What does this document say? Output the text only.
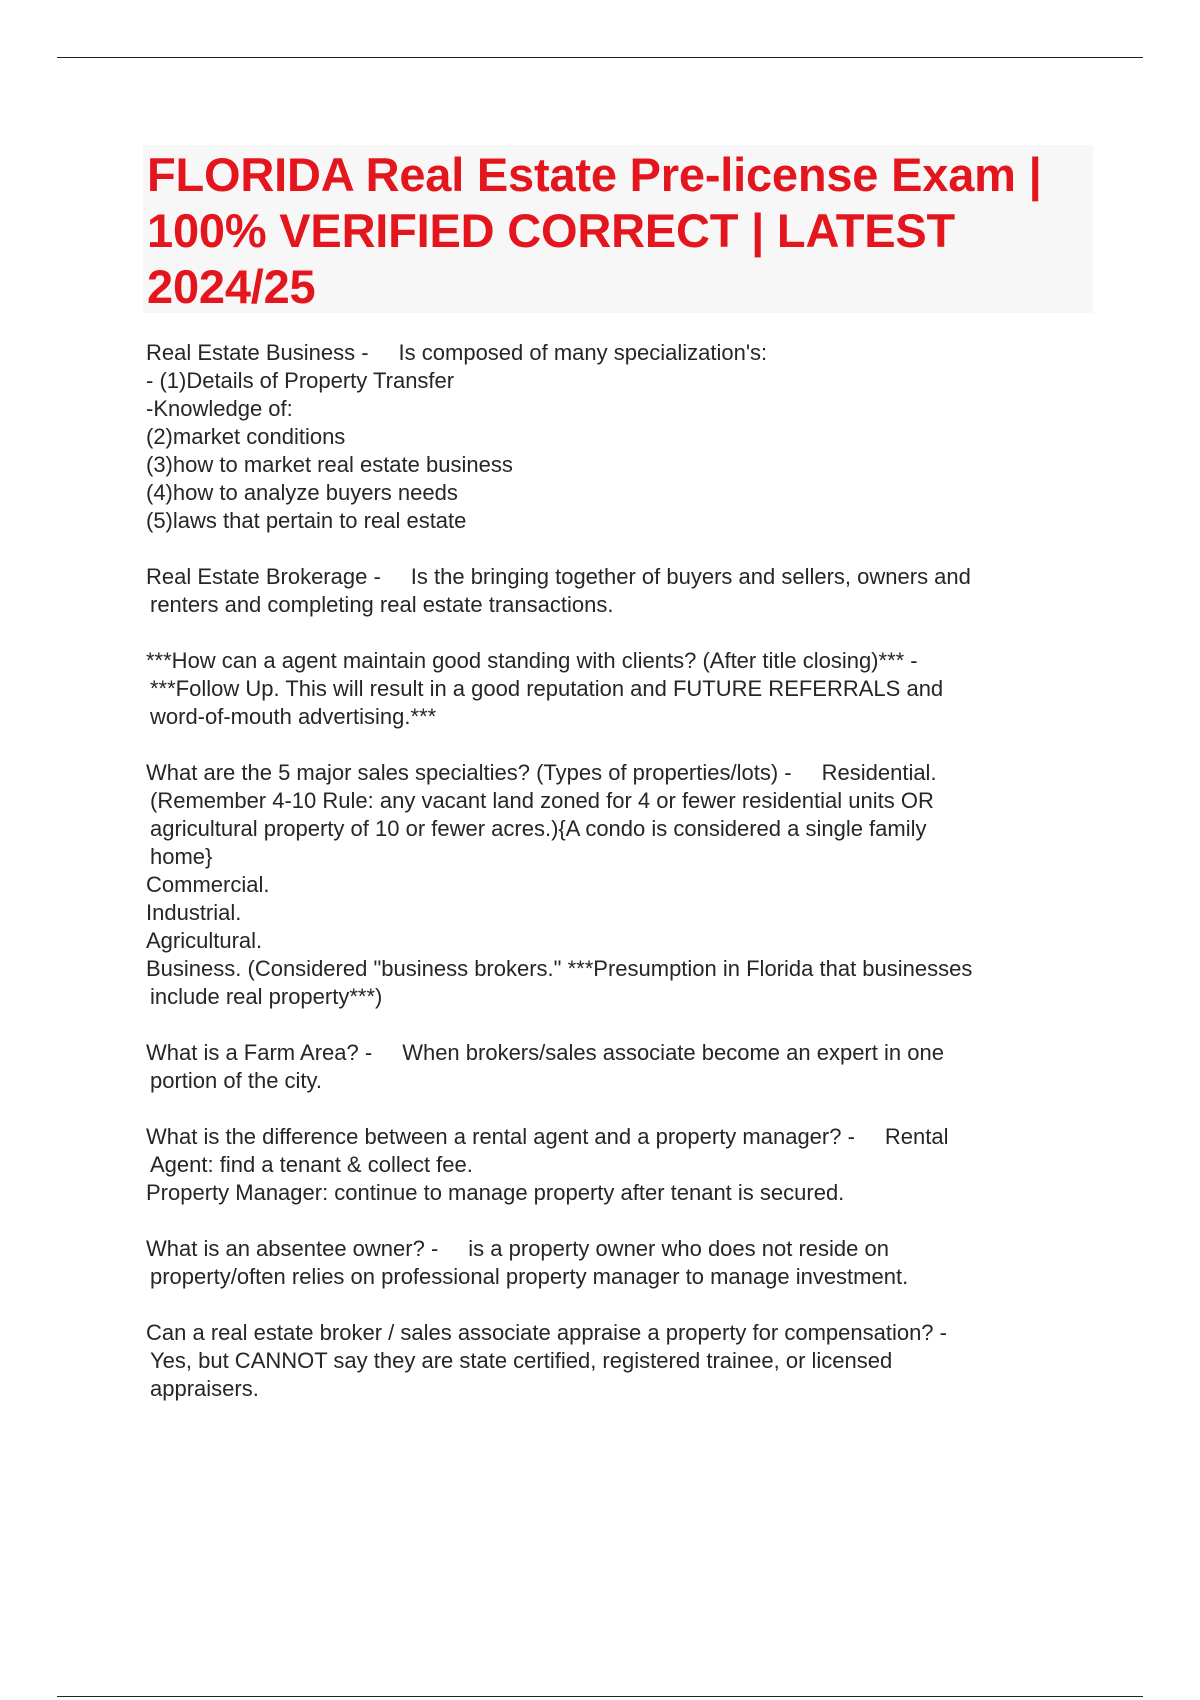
FLORIDA Real Estate Pre-license Exam | 100% VERIFIED CORRECT | LATEST 2024/25
Real Estate Business - Is composed of many specialization's:
- (1)Details of Property Transfer
-Knowledge of:
(2)market conditions
(3)how to market real estate business
(4)how to analyze buyers needs
(5)laws that pertain to real estate
Real Estate Brokerage - Is the bringing together of buyers and sellers, owners and
renters and completing real estate transactions.
***How can a agent maintain good standing with clients? (After title closing)*** -
***Follow Up. This will result in a good reputation and FUTURE REFERRALS and
word-of-mouth advertising.***
What are the 5 major sales specialties? (Types of properties/lots) - Residential.
(Remember 4-10 Rule: any vacant land zoned for 4 or fewer residential units OR
agricultural property of 10 or fewer acres.){A condo is considered a single family
home}
Commercial.
Industrial.
Agricultural.
Business. (Considered "business brokers." ***Presumption in Florida that businesses
include real property***)
What is a Farm Area? - When brokers/sales associate become an expert in one
portion of the city.
What is the difference between a rental agent and a property manager? - Rental
Agent: find a tenant & collect fee.
Property Manager: continue to manage property after tenant is secured.
What is an absentee owner? - is a property owner who does not reside on
property/often relies on professional property manager to manage investment.
Can a real estate broker / sales associate appraise a property for compensation? -
Yes, but CANNOT say they are state certified, registered trainee, or licensed
appraisers.
